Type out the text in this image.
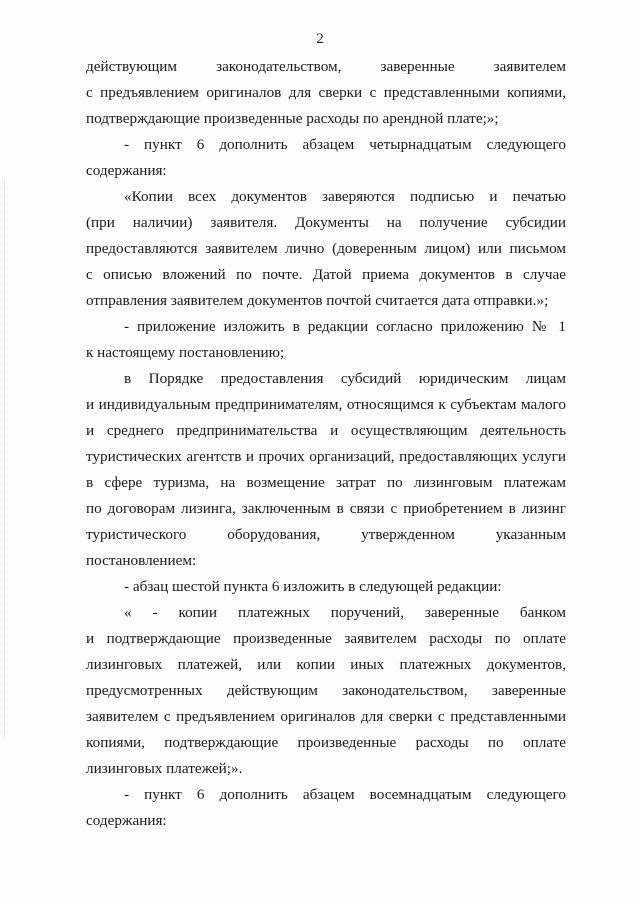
2
действующим законодательством, заверенные заявителем
с предъявлением оригиналов для сверки с представленными копиями,
подтверждающие произведенные расходы по арендной плате;»;
- пункт 6 дополнить абзацем четырнадцатым следующего
содержания:
«Копии всех документов заверяются подписью и печатью
(при наличии) заявителя. Документы на получение субсидии
предоставляются заявителем лично (доверенным лицом) или письмом
с описью вложений по почте. Датой приема документов в случае
отправления заявителем документов почтой считается дата отправки.»;
- приложение изложить в редакции согласно приложению № 1
к настоящему постановлению;
в Порядке предоставления субсидий юридическим лицам
и индивидуальным предпринимателям, относящимся к субъектам малого
и среднего предпринимательства и осуществляющим деятельность
туристических агентств и прочих организаций, предоставляющих услуги
в сфере туризма, на возмещение затрат по лизинговым платежам
по договорам лизинга, заключенным в связи с приобретением в лизинг
туристического оборудования, утвержденном указанным
постановлением:
- абзац шестой пункта 6 изложить в следующей редакции:
« - копии платежных поручений, заверенные банком
и подтверждающие произведенные заявителем расходы по оплате
лизинговых платежей, или копии иных платежных документов,
предусмотренных действующим законодательством, заверенные
заявителем с предъявлением оригиналов для сверки с представленными
копиями, подтверждающие произведенные расходы по оплате
лизинговых платежей;».
- пункт 6 дополнить абзацем восемнадцатым следующего
содержания:
